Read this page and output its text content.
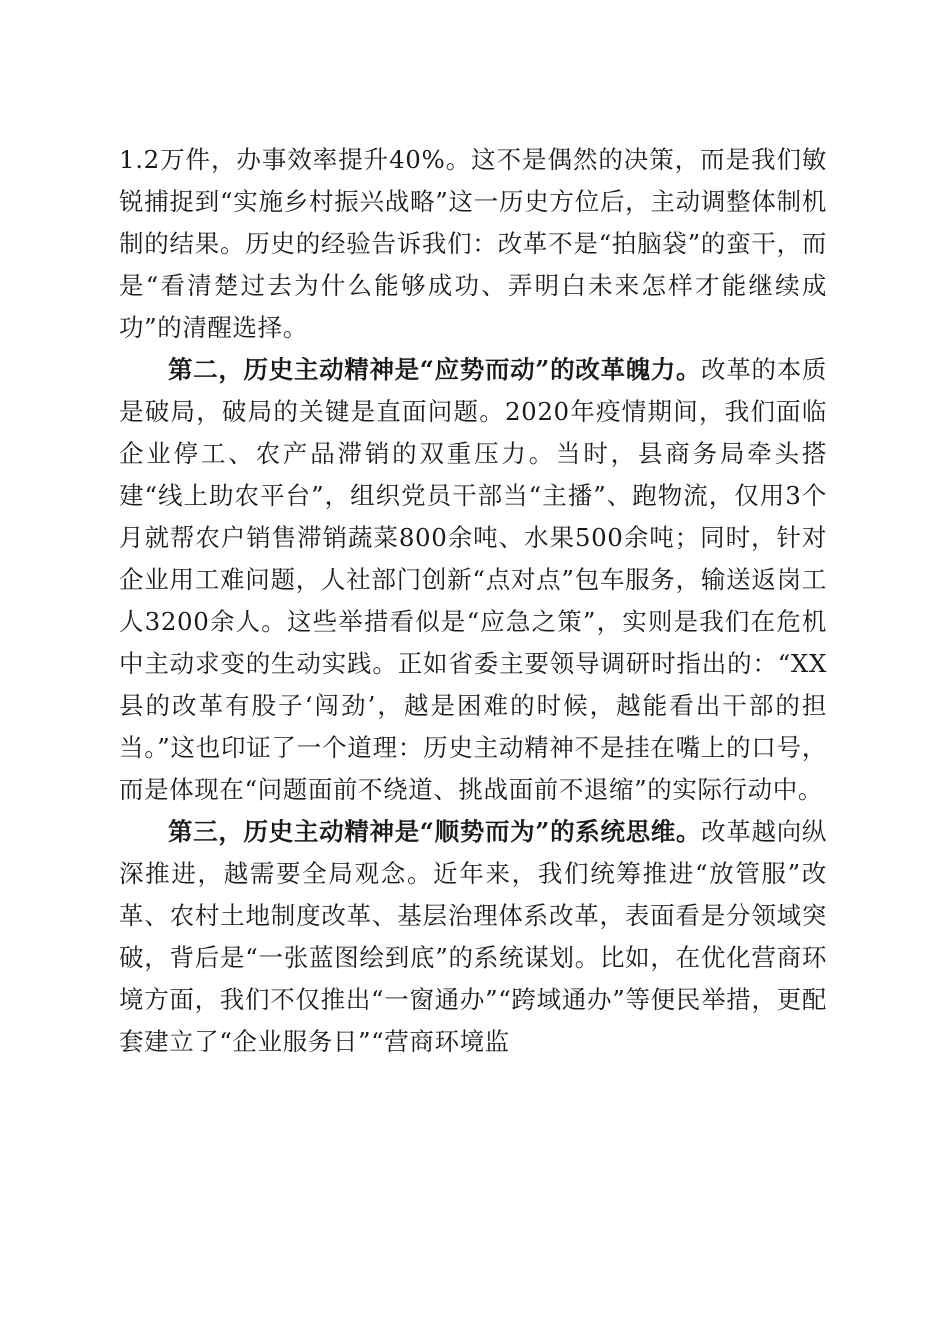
1.2万件，办事效率提升40%。这不是偶然的决策，而是我们敏锐捕捉到“实施乡村振兴战略”这一历史方位后，主动调整体制机制的结果。历史的经验告诉我们：改革不是“拍脑袋”的蛮干，而是“看清楚过去为什么能够成功、弄明白未来怎样才能继续成功”的清醒选择。

第二，历史主动精神是“应势而动”的改革魄力。改革的本质是破局，破局的关键是直面问题。2020年疫情期间，我们面临企业停工、农产品滞销的双重压力。当时，县商务局牵头搭建“线上助农平台”，组织党员干部当“主播”、跑物流，仅用3个月就帮农户销售滞销蔬菜800余吨、水果500余吨；同时，针对企业用工难问题，人社部门创新“点对点”包车服务，输送返岗工人3200余人。这些举措看似是“应急之策”，实则是我们在危机中主动求变的生动实践。正如省委主要领导调研时指出的：“XX县的改革有股子‘闯劲’，越是困难的时候，越能看出干部的担当。”这也印证了一个道理：历史主动精神不是挂在嘴上的口号，而是体现在“问题面前不绕道、挑战面前不退缩”的实际行动中。

第三，历史主动精神是“顺势而为”的系统思维。改革越向纵深推进，越需要全局观念。近年来，我们统筹推进“放管服”改革、农村土地制度改革、基层治理体系改革，表面看是分领域突破，背后是“一张蓝图绘到底”的系统谋划。比如，在优化营商环境方面，我们不仅推出“一窗通办”“跨域通办”等便民举措，更配套建立了“企业服务日”“营商环境监
